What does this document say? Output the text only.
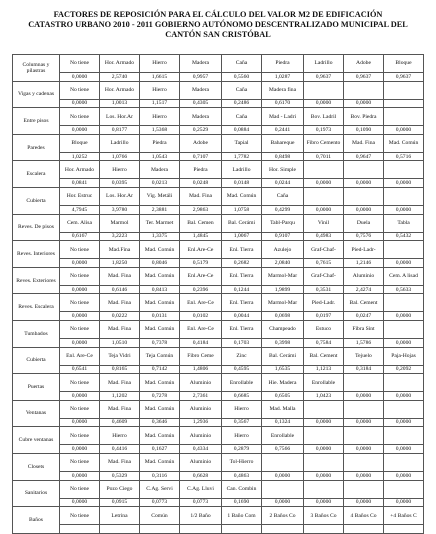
FACTORES DE REPOSICIÓN PARA EL CÁLCULO DEL VALOR M2 DE EDIFICACIÓN
CATASTRO URBANO 2010 - 2011 GOBIERNO AUTÓNOMO DESCENTRALIZADO MUNICIPAL DEL
CANTÓN SAN CRISTÓBAL
Columnas y pilastras	No tiene	Hor. Armado	Hierro	Madera	Caña	Piedra	Ladrillo	Adobe	Bloque
	0,0000	2,5740	1,6615	0,9957	0,5560	1,0287	0,9637	0,9637	0,9637
Vigas y cadenas	No tiene	Hor. Armado	Hierro	Madera	Caña	Madera fina			
	0,0000	1,0013	1,1517	0,4305	0,2486	0,6170	0,0000	0,0000	
Entre pisos	No tiene	Los. Hor.Ar	Hierro	Madera	Caña	Mad - Ladri	Bov. Ladril	Bov. Piedra	
	0,0000	0,8177	1,5368	0,2529	0,0884	0,2441	0,1973	0,1090	0,0000
Paredes	Bloque	Ladrillo	Piedra	Adobe	Tapial	Bahareque	Fibro Cemento	Mad. Fina	Mad. Común
	1,0252	1,0766	1,0543	0,7107	1,7782	0,8498	0,7011	0,9647	0,5716
Escalera	Hor. Armado	Hierro	Madera	Piedra	Ladrillo	Hor. Simple			
	0,0841	0,0395	0,0213	0,0248	0,0148	0,0244	0,0000	0,0000	0,0000
Cubierta	Hor. Estruc	Los. Hor.Ar	Vig. Metáli	Mad. Fina	Mad. Común	Caña			
	4,7945	3,9780	2,3881	2,9863	1,0758	0,4299	0,0000	0,0000	0,0000
Reves. De pisos	Cem. Alisa	Marmol	Ter. Marmet	Bal. Cemen	Bal. Cerámi	Tabl-Parqu	Vinil	Duela	Tabla
	0,6167	3,2223	1,3375	1,4845	1,0067	0,9107	0,4983	0,7576	0,5432
Reves. Interiores	No tiene	Mad.Fina	Mad. Común	Enl.Are-Ce	Enl. Tierra	Azulejo	Graf-Chaf-	Pied-Ladr-	
	0,0000	1,8250	0,8046	0,5179	0,2682	2,0840	0,7615	1,2146	0,0000
Reves. Exteriores	No tiene	Mad. Fina	Mad. Común	Enl.Are-Ce	Enl. Tierra	Marmol-Mar	Graf-Chaf-	Aluminio	Cem. A lisad
	0,0000	0,6146	0,8413	0,2396	0,1244	1,9899	0,3531	2,4274	0,5633
Reves. Escalera	No tiene	Mad. Fina	Mad. Común	Enl. Are-Ce	Enl. Tierra	Marmol-Mar	Pied-Ladr.	Bal. Cement	
	0,0000	0,0222	0,0131	0,0102	0,0044	0,0698	0,0197	0,0247	0,0000
Tumbados	No tiene	Mad. Fina	Mad. Común	Enl. Are-Ce	Enl. Tierra	Champeado	Estuco	Fibra Sint	
	0,0000	1,0510	0,7378	0,4184	0,1703	0,3998	0,7584	1,5786	0,0000
Cubierta	Enl. Are-Ce	Teja Vidri	Teja Común	Fibro Ceme	Zinc	Bal. Cerámi	Bal. Cement	Tejuelo	Paja-Hojas
	0,6541	0,8165	0,7142	1,4806	0,4595	1,6535	1,1213	0,3184	0,2092
Puertas	No tiene	Mad. Fina	Mad. Común	Aluminio	Enrollable	Hie. Madera	Enrollable		
	0,0000	1,1202	0,7278	2,7361	0,6685	0,6505	1,0423	0,0000	0,0000
Ventanas	No tiene	Mad. Fina	Mad. Común	Aluminio	Hierro	Mad. Malla			
	0,0000	0,4609	0,3646	1,2936	0,3567	0,1324	0,0000	0,0000	0,0000
Cubre ventanas	No tiene	Hierro	Mad. Común	Aluminio	Hierro	Enrollable			
	0,0000	0,4416	0,1627	0,4334	0,2879	0,7566	0,0000	0,0000	0,0000
Closets	No tiene	Mad. Fina	Mad. Común	Aluminio	Tol-Hierro				
	0,0000	0,5329	0,3116	0,6628	0,4863	0,0000	0,0000	0,0000	0,0000
Sanitarios	No tiene	Pozo Ciego	C.Ag. Servi	C.Ag. Lluvi	Can. Combin				
	0,0000	0,0915	0,0773	0,0773	0,1690	0,0000	0,0000	0,0000	0,0000
Baños	No tiene	Letrina	Común	1/2 Baño	1 Baño Com	2 Baños Co	3 Baños Co	4 Baños Co	+4 Baños C
